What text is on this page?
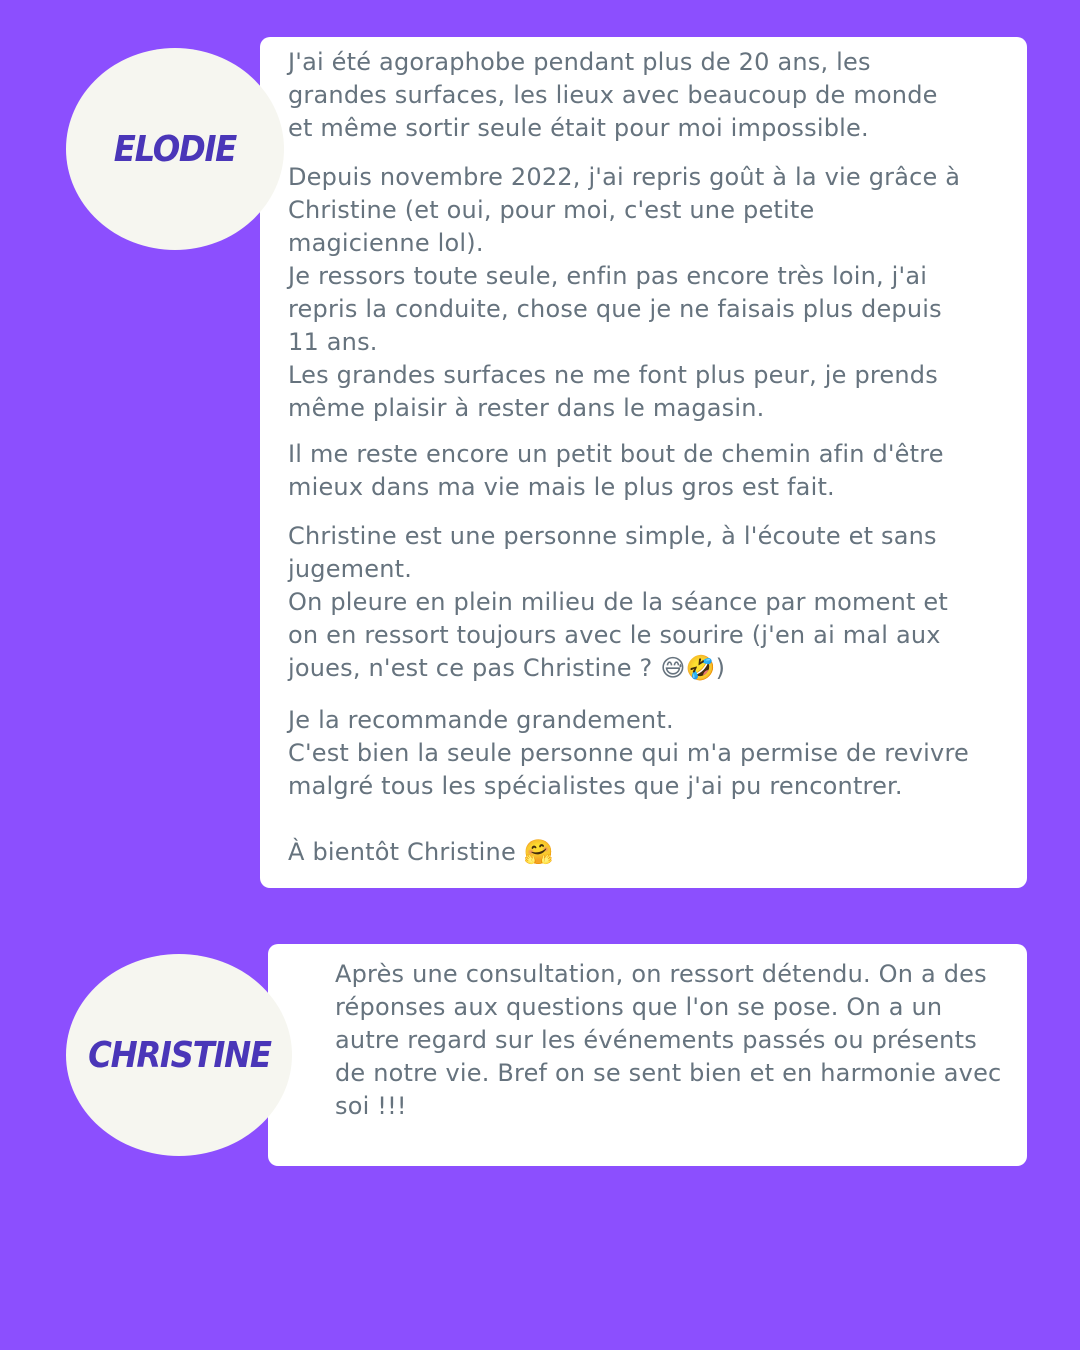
J'ai été agoraphobe pendant plus de 20 ans, les
grandes surfaces, les lieux avec beaucoup de monde
et même sortir seule était pour moi impossible.

Depuis novembre 2022, j'ai repris goût à la vie grâce à
Christine (et oui, pour moi, c'est une petite
magicienne lol).
Je ressors toute seule, enfin pas encore très loin, j'ai
repris la conduite, chose que je ne faisais plus depuis
11 ans.
Les grandes surfaces ne me font plus peur, je prends
même plaisir à rester dans le magasin.

Il me reste encore un petit bout de chemin afin d'être
mieux dans ma vie mais le plus gros est fait.

Christine est une personne simple, à l'écoute et sans
jugement.
On pleure en plein milieu de la séance par moment et
on en ressort toujours avec le sourire (j'en ai mal aux
joues, n'est ce pas Christine ? 😅🤣)

Je la recommande grandement.
C'est bien la seule personne qui m'a permise de revivre
malgré tous les spécialistes que j'ai pu rencontrer.

À bientôt Christine 🤗

ELODIE

Après une consultation, on ressort détendu. On a des
réponses aux questions que l'on se pose. On a un
autre regard sur les événements passés ou présents
de notre vie. Bref on se sent bien et en harmonie avec
soi !!!

CHRISTINE
